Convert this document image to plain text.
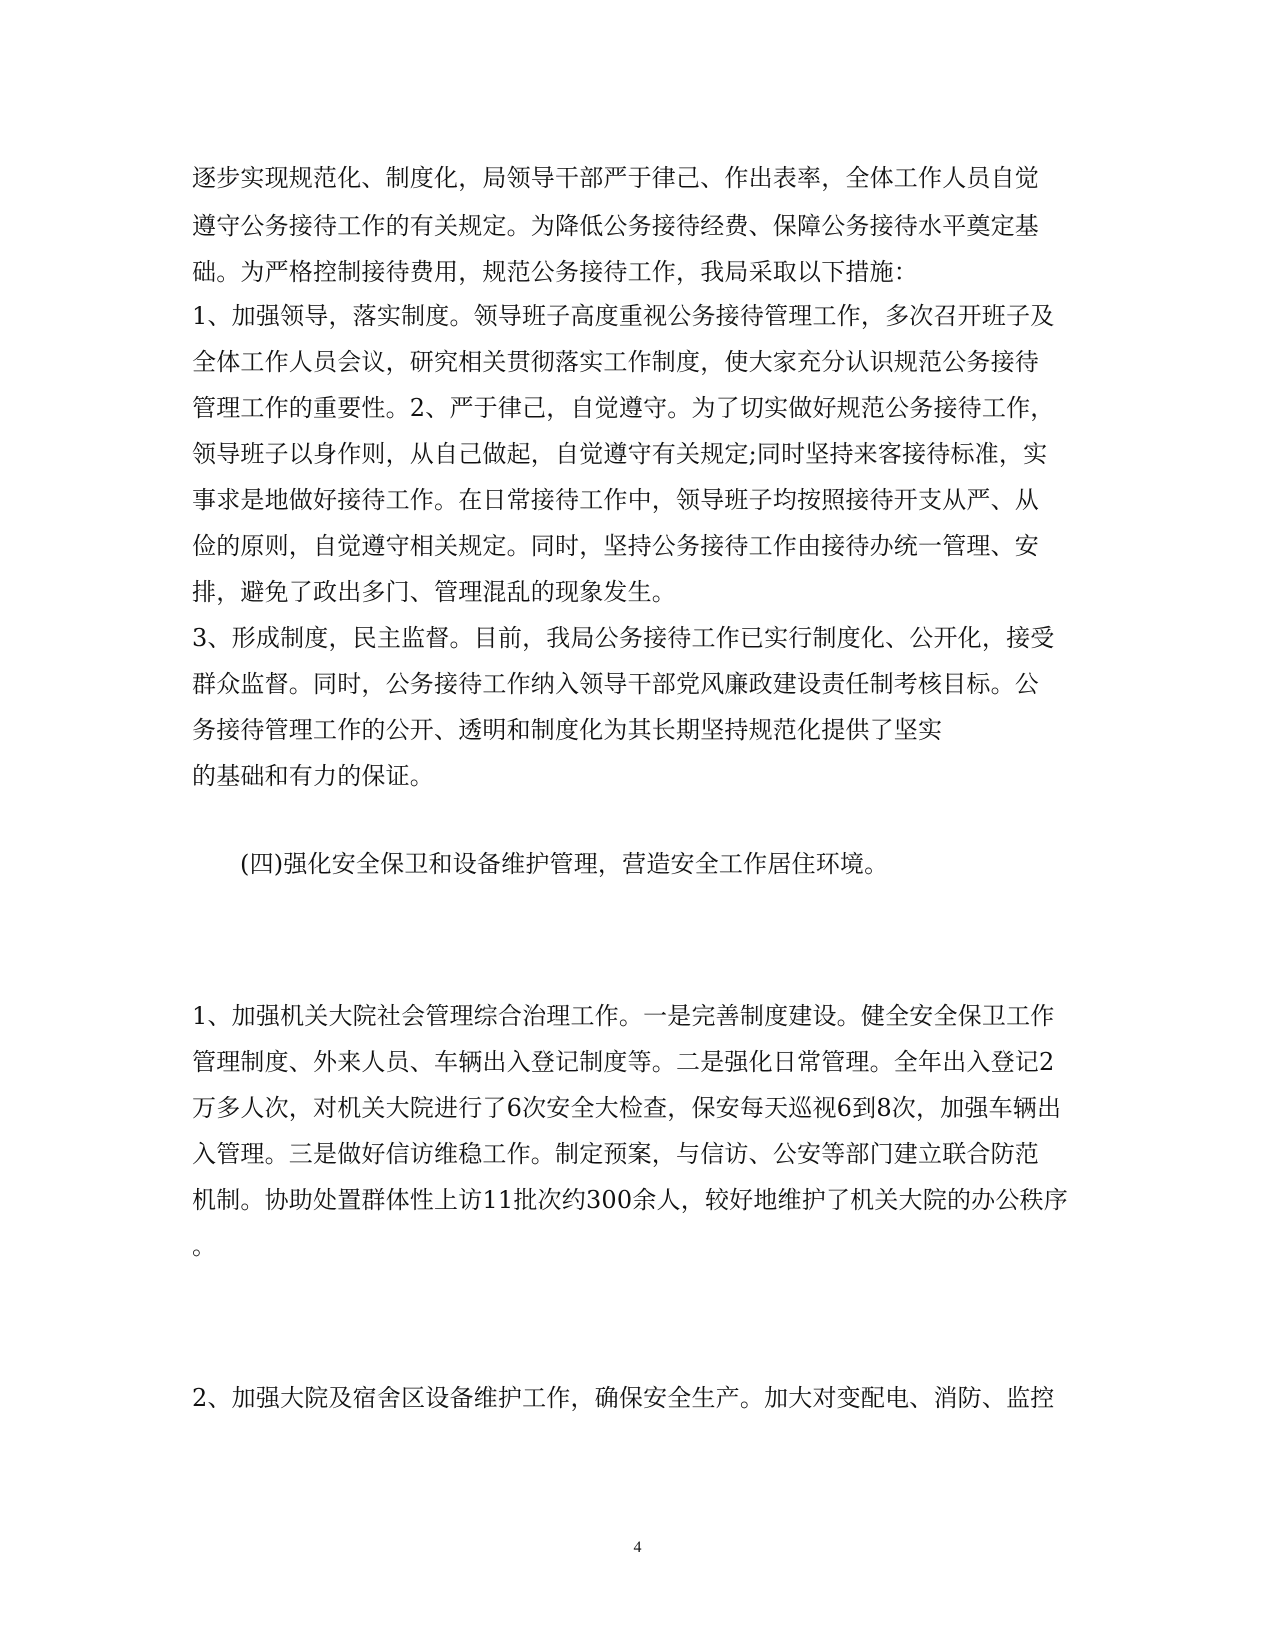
逐步实现规范化、制度化，局领导干部严于律己、作出表率，全体工作人员自觉
遵守公务接待工作的有关规定。为降低公务接待经费、保障公务接待水平奠定基
础。为严格控制接待费用，规范公务接待工作，我局采取以下措施：
1、加强领导，落实制度。领导班子高度重视公务接待管理工作，多次召开班子及
全体工作人员会议，研究相关贯彻落实工作制度，使大家充分认识规范公务接待
管理工作的重要性。2、严于律己，自觉遵守。为了切实做好规范公务接待工作，
领导班子以身作则，从自己做起，自觉遵守有关规定;同时坚持来客接待标准，实
事求是地做好接待工作。在日常接待工作中，领导班子均按照接待开支从严、从
俭的原则，自觉遵守相关规定。同时，坚持公务接待工作由接待办统一管理、安
排，避免了政出多门、管理混乱的现象发生。
3、形成制度，民主监督。目前，我局公务接待工作已实行制度化、公开化，接受
群众监督。同时，公务接待工作纳入领导干部党风廉政建设责任制考核目标。公
务接待管理工作的公开、透明和制度化为其长期坚持规范化提供了坚实
的基础和有力的保证。
(四)强化安全保卫和设备维护管理，营造安全工作居住环境。
1、加强机关大院社会管理综合治理工作。一是完善制度建设。健全安全保卫工作
管理制度、外来人员、车辆出入登记制度等。二是强化日常管理。全年出入登记2
万多人次，对机关大院进行了6次安全大检查，保安每天巡视6到8次，加强车辆出
入管理。三是做好信访维稳工作。制定预案，与信访、公安等部门建立联合防范
机制。协助处置群体性上访11批次约300余人，较好地维护了机关大院的办公秩序
。
2、加强大院及宿舍区设备维护工作，确保安全生产。加大对变配电、消防、监控
4
